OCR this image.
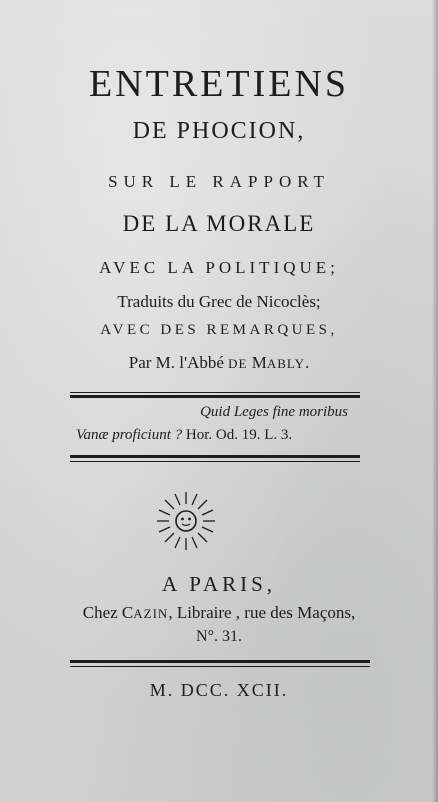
ENTRETIENS
DE PHOCION,
SUR LE RAPPORT
DE LA MORALE
AVEC LA POLITIQUE;
Traduits du Grec de Nicoclès;
AVEC DES REMARQUES,
Par M. l'Abbé DE MABLY.
Quid Leges fine moribus
Vanæ proficiunt ? Hor. Od. 19. L. 3.
A PARIS,
Chez CAZIN, Libraire , rue des Maçons,
N°. 31.
M. DCC. XCII.
